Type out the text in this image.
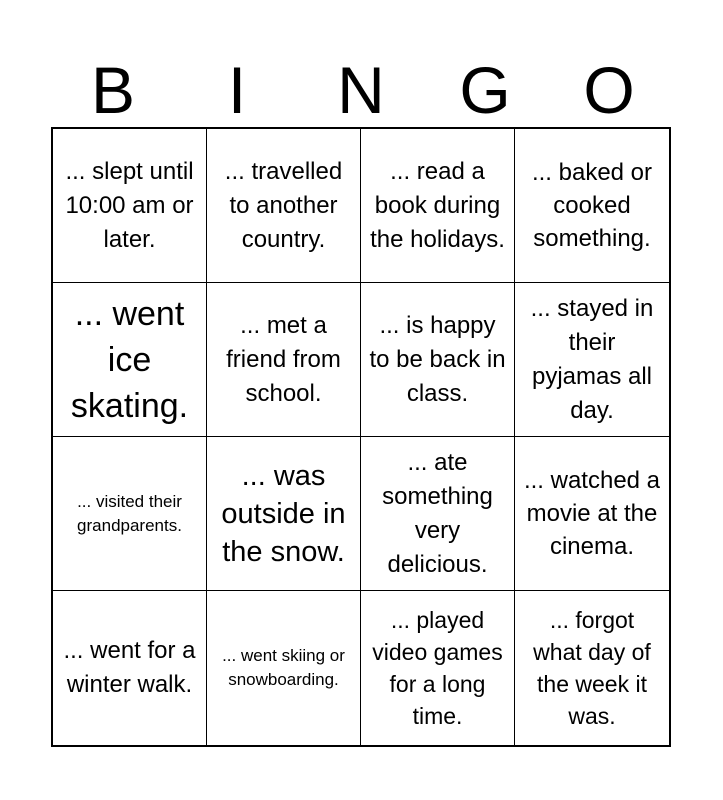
B	I	N	G	O
... slept until 10:00 am or later.
... travelled to another country.
... read a book during the holidays.
... baked or cooked something.
... went ice skating.
... met a friend from school.
... is happy to be back in class.
... stayed in their pyjamas all day.
... visited their grandparents.
... was outside in the snow.
... ate something very delicious.
... watched a movie at the cinema.
... went for a winter walk.
... went skiing or snowboarding.
... played video games for a long time.
... forgot what day of the week it was.
